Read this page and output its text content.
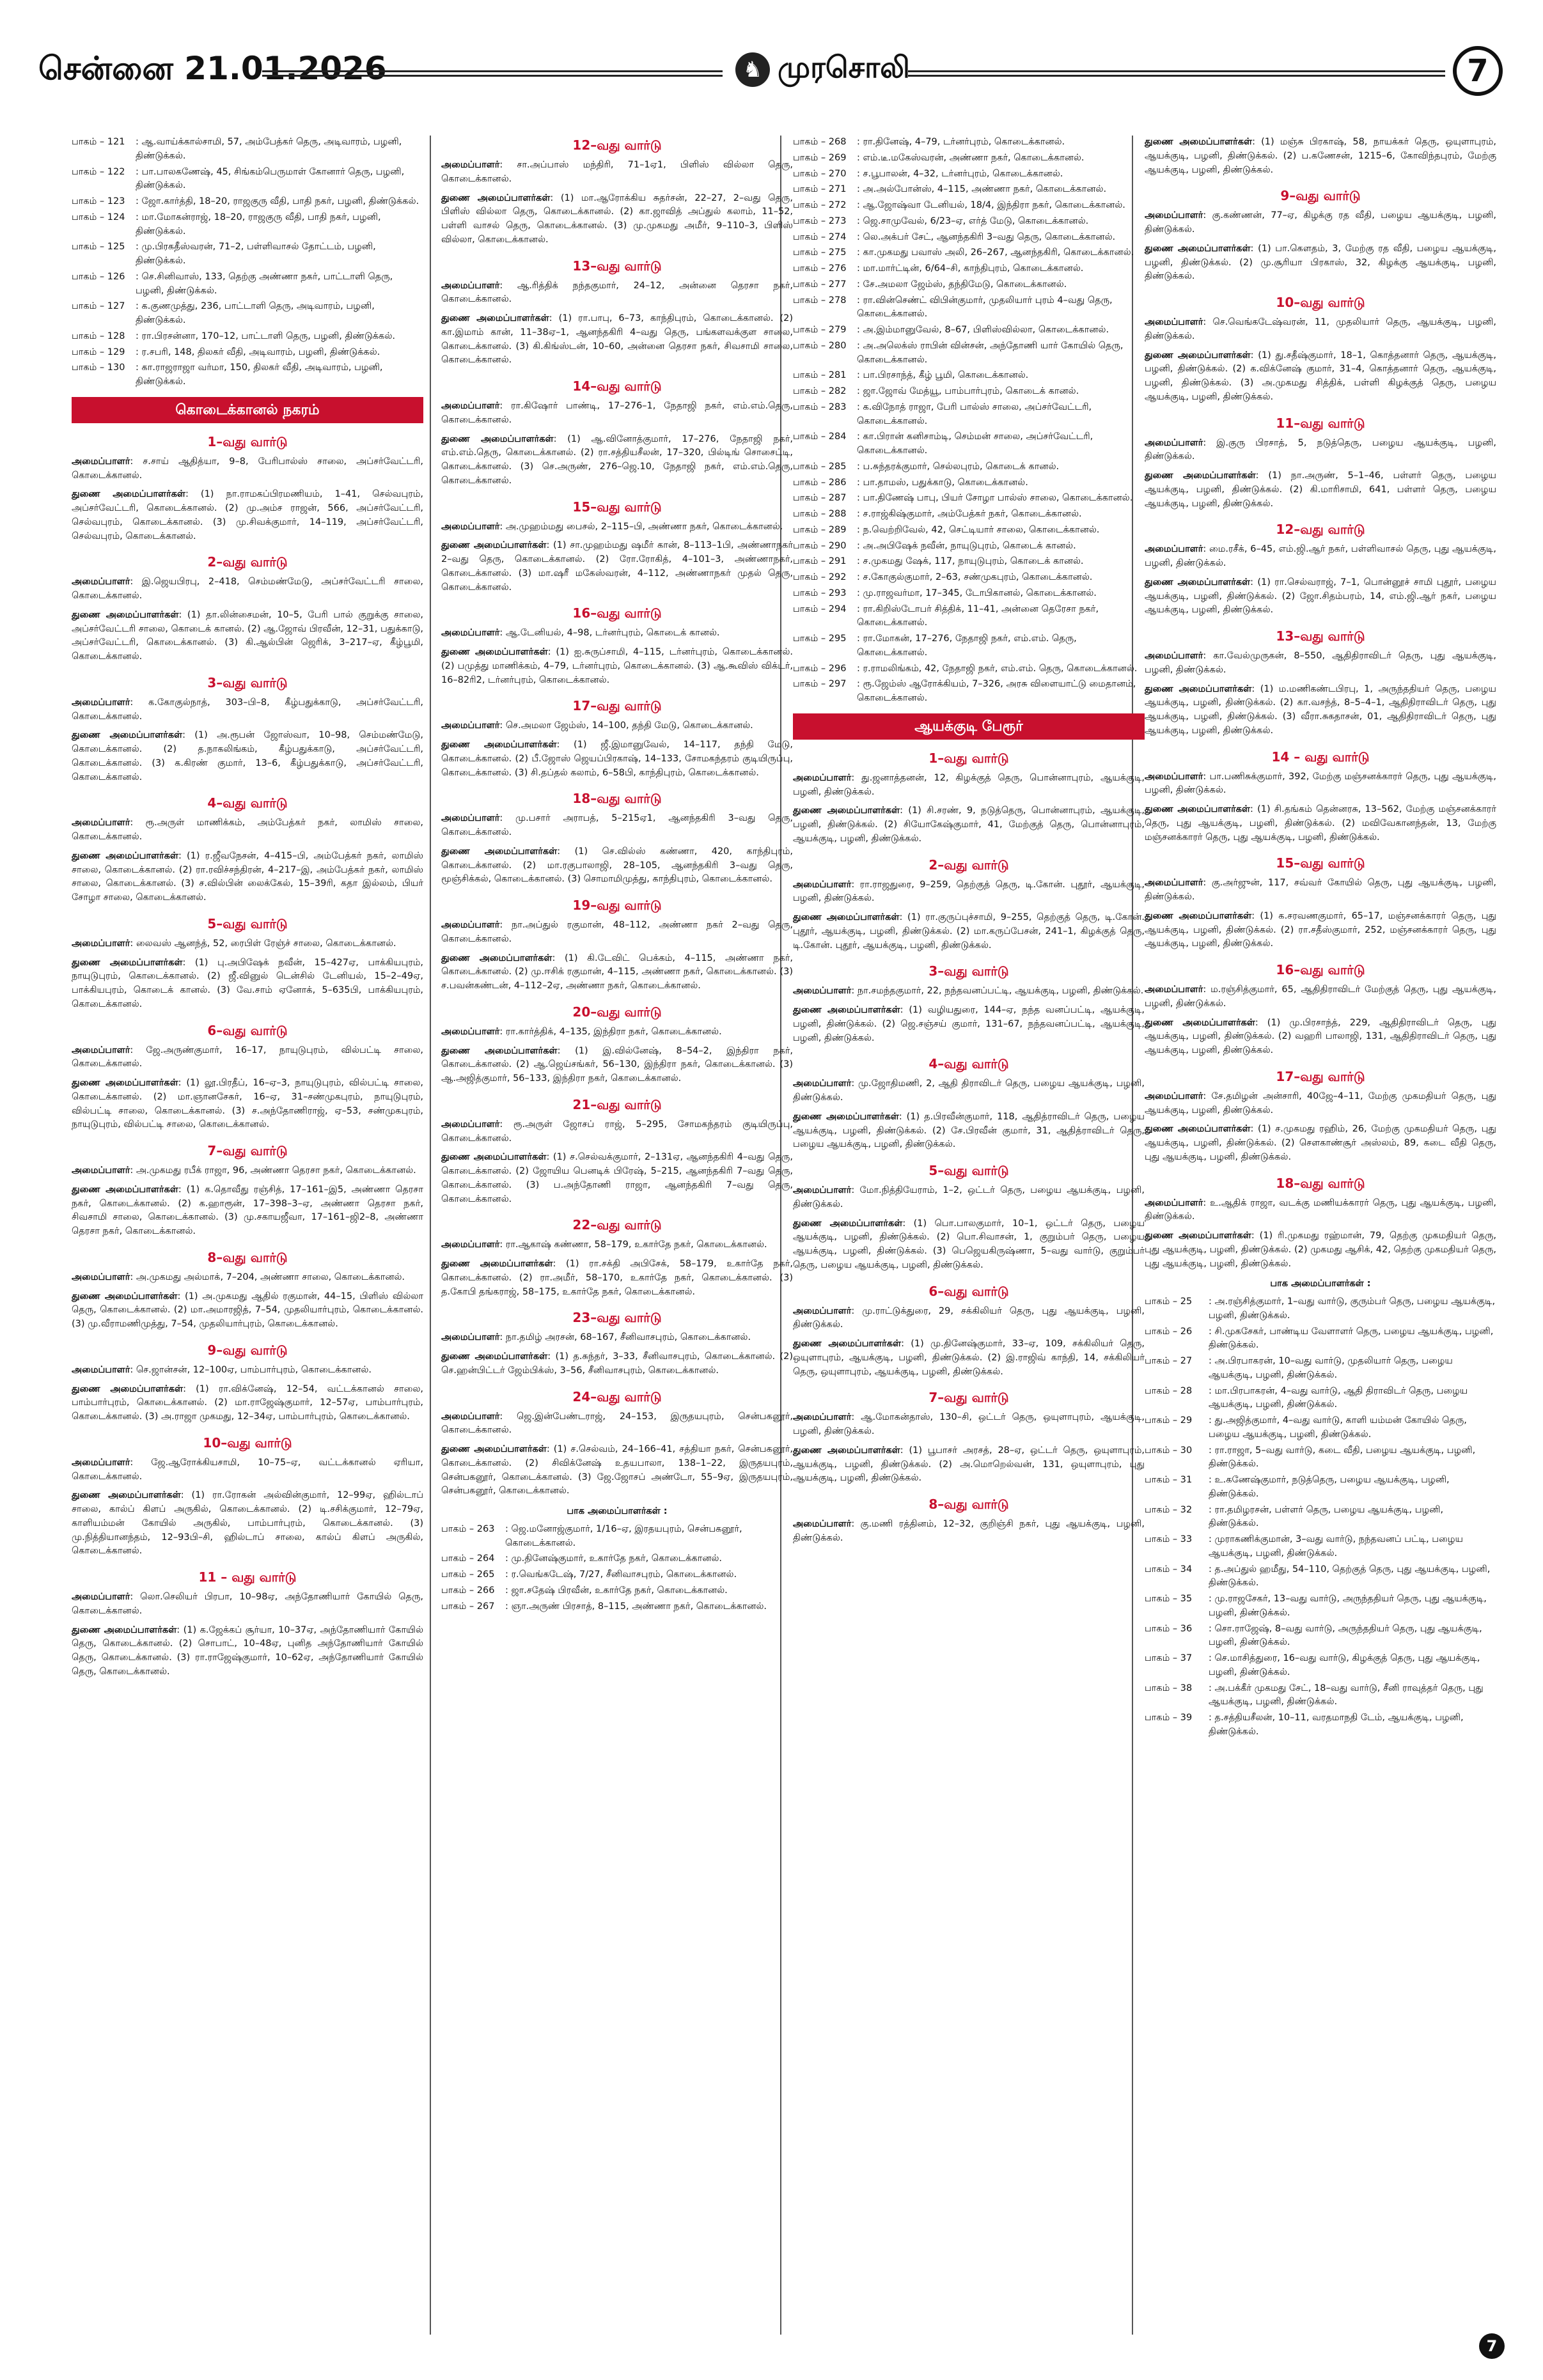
சென்னை 21.01.2026	♞ முரசொலி	7
பாகம் – 121	: ஆ.வாய்க்கால்சாமி, 57, அம்பேத்கர் தெரு, அடிவாரம், பழனி, திண்டுக்கல்.
பாகம் – 122	: பா.பாலகணேஷ், 45, சிங்கம்பெருமாள் கோனார் தெரு, பழனி, திண்டுக்கல்.
பாகம் – 123	: ஜோ.கார்த்தி, 18–20, ராஜகுரு வீதி, பாதி நகர், பழனி, திண்டுக்கல்.
பாகம் – 124	: மா.மோகன்ராஜ், 18–20, ராஜகுரு வீதி, பாதி நகர், பழனி, திண்டுக்கல்.
பாகம் – 125	: மு.பிரகதீஸ்வரன், 71–2, பள்ளிவாசல் தோட்டம், பழனி, திண்டுக்கல்.
பாகம் – 126	: செ.சினிவாஸ், 133, தெற்கு அண்ணா நகர், பாட்டாளி தெரு, பழனி, திண்டுக்கல்.
பாகம் – 127	: க.குணமுத்து, 236, பாட்டாளி தெரு, அடிவாரம், பழனி, திண்டுக்கல்.
பாகம் – 128	: ரா.பிரசன்னா, 170–12, பாட்டாளி தெரு, பழனி, திண்டுக்கல்.
பாகம் – 129	: ர.சபரி, 148, திலகர் வீதி, அடிவாரம், பழனி, திண்டுக்கல்.
பாகம் – 130	: கா.ராஜராஜா வர்மா, 150, திலகர் வீதி, அடிவாரம், பழனி, திண்டுக்கல்.
கொடைக்கானல் நகரம்
1–வது வார்டு

அமைப்பாளர்: ச.சாய் ஆதித்யா, 9–8, பேரிபால்ஸ் சாலை, அப்சர்வேட்டரி, கொடைக்கானல்.

துணை அமைப்பாளர்கள்: (1) நா.ராமகப்பிரமணியம், 1–41, செல்வபுரம், அப்சர்வேட்டரி, கொடைக்கானல். (2) மு.அம்ச ராஜன், 566, அப்சர்வேட்டரி, செல்வபுரம், கொடைக்கானல். (3) மு.சிவக்குமார், 14–119, அப்சர்வேட்டரி, செல்வபுரம், கொடைக்கானல்.

2–வது வார்டு

அமைப்பாளர்: இ.ஜெயபிரபு, 2–418, செம்மண்மேடு, அப்சர்வேட்டரி சாலை, கொடைக்கானல்.

துணை அமைப்பாளர்கள்: (1) தா.லின்சைமன், 10–5, பேரி பால் குறுக்கு சாலை, அப்சர்வேட்டரி சாலை, கொடைக் கானல். (2) ஆ.ஜோவ் பிரவீன், 12–31, பதுக்காடு, அப்சர்வேட்டரி, கொடைக்கானல். (3) கி.ஆல்பின் ஜெரிக், 3–217–ஏ, கீழ்பூமி, கொடைக்கானல்.

3–வது வார்டு

அமைப்பாளர்: க.கோகுல்நாத், 303–பி–8, கீழ்பதுக்காடு, அப்சர்வேட்டரி, கொடைக்கானல்.

துணை அமைப்பாளர்கள்: (1) அ.ரூபன் ஜோஸ்வா, 10–98, செம்மண்மேடு, கொடைக்கானல். (2) த.நாகலிங்கம், கீழ்பதுக்காடு, அப்சர்வேட்டரி, கொடைக்கானல். (3) க.கிரண் குமார், 13–6, கீழ்பதுக்காடு, அப்சர்வேட்டரி, கொடைக்கானல்.

4–வது வார்டு

அமைப்பாளர்: ரூ.அருள் மாணிக்கம், அம்பேத்கர் நகர், லாமிஸ் சாலை, கொடைக்கானல்.

துணை அமைப்பாளர்கள்: (1) ர.ஜீவநேசன், 4–415–பி, அம்பேத்கர் நகர், லாமிஸ் சாலை, கொடைக்கானல். (2) ரா.ரவிச்சந்திரன், 4–217–இ, அம்பேத்கர் நகர், லாமிஸ் சாலை, கொடைக்கானல். (3) ச.வில்பின் லைக்கேல், 15–39ரி, கதா இல்லம், பியர் சோழா சாலை, கொடைக்கானல்.

5–வது வார்டு

அமைப்பாளர்: லைவஸ் ஆனந்த், 52, ரைபிள் ரேஞ்ச் சாலை, கொடைக்கானல்.

துணை அமைப்பாளர்கள்: (1) பு.அபிஷேக் நவீன், 15–427ஏ, பாக்கியபுரம், நாயுடுபுரம், கொடைக்கானல். (2) ஜீ.வினுல் டென்சில் டேனியல், 15–2–49ஏ, பாக்கியபுரம், கொடைக் கானல். (3) வே.சாம் ஏனோக், 5–635பி, பாக்கியபுரம், கொடைக்கானல்.

6–வது வார்டு

அமைப்பாளர்: ஜே.அருண்குமார், 16–17, நாயுடுபுரம், வில்பட்டி சாலை, கொடைக்கானல்.

துணை அமைப்பாளர்கள்: (1) லூ.பிரதீப், 16–ஏ–3, நாயுடுபுரம், வில்பட்டி சாலை, கொடைக்கானல். (2) மா.ஞானசேகர், 16–ஏ, 31–சண்முகபுரம், நாயுடுபுரம், வில்பட்டி சாலை, கொடைக்கானல். (3) ச.அந்தோணிராஜ், ஏ–53, சண்முகபுரம், நாயுடுபுரம், வில்பட்டி சாலை, கொடைக்கானல்.

7–வது வார்டு

அமைப்பாளர்: அ.முகமது ரபீக் ராஜா, 96, அண்ணா தெரசா நகர், கொடைக்கானல்.

துணை அமைப்பாளர்கள்: (1) க.தொவீது ரஞ்சித், 17–161–இ5, அண்ணா தெரசா நகர், கொடைக்கானல். (2) க.ஹாரூன், 17–398–3–ஏ, அண்ணா தெரசா நகர், சிவசாமி சாலை, கொடைக்கானல். (3) மு.சகாயஜீவா, 17–161–ஜி2–8, அண்ணா தெரசா நகர், கொடைக்கானல்.

8–வது வார்டு

அமைப்பாளர்: அ.முகமது அல்மாக், 7–204, அண்ணா சாலை, கொடைக்கானல்.

துணை அமைப்பாளர்கள்: (1) அ.முகமது ஆதில் ரகுமான், 44–15, பிளிஸ் வில்லா தெரு, கொடைக்கானல். (2) மா.அமாரஜித், 7–54, முதலியார்புரம், கொடைக்கானல். (3) மு.வீராமணிமுத்து, 7–54, முதலியார்புரம், கொடைக்கானல்.

9–வது வார்டு

அமைப்பாளர்: செ.ஜான்சன், 12–100ஏ, பாம்பார்புரம், கொடைக்கானல்.

துணை அமைப்பாளர்கள்: (1) ரா.விக்னேஷ், 12–54, வட்டக்கானல் சாலை, பாம்பார்புரம், கொடைக்கானல். (2) மா.ராஜேஷ்குமார், 12–57ஏ, பாம்பார்புரம், கொடைக்கானல். (3) அ.ராஜா முகமது, 12–34ஏ, பாம்பார்புரம், கொடைக்கானல்.

10–வது வார்டு

அமைப்பாளர்: ஜே.ஆரோக்கியசாமி, 10–75–ஏ, வட்டக்கானல் ஏரியா, கொடைக்கானல்.

துணை அமைப்பாளர்கள்: (1) ரா.ரோகன் அல்வின்குமார், 12–99ஏ, ஹில்டாப் சாலை, கால்ப் கிளப் அருகில், கொடைக்கானல். (2) டி.சசிக்குமார், 12–79ஏ, காளியம்மன் கோயில் அருகில், பாம்பார்புரம், கொடைக்கானல். (3) மு.நித்தியானந்தம், 12–93பி–சி, ஹில்டாப் சாலை, கால்ப் கிளப் அருகில், கொடைக்கானல்.

11 – வது வார்டு

அமைப்பாளர்: லொ.செலியர் பிரபா, 10–98ஏ, அந்தோணியார் கோயில் தெரு, கொடைக்கானல்.

துணை அமைப்பாளர்கள்: (1) க.ஜேக்கப் சூர்யா, 10–37ஏ, அந்தோணியார் கோயில் தெரு, கொடைக்கானல். (2) சொபாட், 10–48ஏ, புனித அந்தோணியார் கோயில் தெரு, கொடைக்கானல். (3) ரா.ராஜேஷ்குமார், 10–62ஏ, அந்தோணியார் கோயில் தெரு, கொடைக்கானல்.

12–வது வார்டு

அமைப்பாளர்: சா.அப்பாஸ் மந்திரி, 71–1ஏ1, பிளிஸ் வில்லா தெரு, கொடைக்கானல்.

துணை அமைப்பாளர்கள்: (1) மா.ஆரோக்கிய சுதர்சன், 22–27, 2–வது தெரு, பிளிஸ் வில்லா தெரு, கொடைக்கானல். (2) கா.ஜாவித் அப்துல் கலாம், 11–52, பள்ளி வாசல் தெரு, கொடைக்கானல். (3) மு.முகமது அமீர், 9–110–3, பிளிஸ் வில்லா, கொடைக்கானல்.

13–வது வார்டு

அமைப்பாளர்: ஆ.ரித்திக் நந்தகுமார், 24–12, அன்னை தெரசா நகர், கொடைக்கானல்.

துணை அமைப்பாளர்கள்: (1) ரா.பாபு, 6–73, காந்திபுரம், கொடைக்கானல். (2) கா.இமாம் கான், 11–38ஏ–1, ஆனந்தகிரி 4–வது தெரு, பங்களவக்குள சாலை, கொடைக்கானல். (3) கி.கிங்ஸ்டன், 10–60, அன்னை தெரசா நகர், சிவசாமி சாலை, கொடைக்கானல்.

14–வது வார்டு

அமைப்பாளர்: ரா.கிஷோர் பாண்டி, 17–276–1, நேதாஜி நகர், எம்.எம்.தெரு, கொடைக்கானல்.

துணை அமைப்பாளர்கள்: (1) ஆ.வினோத்குமார், 17–276, நேதாஜி நகர், எம்.எம்.தெரு, கொடைக்கானல். (2) ரா.சத்தியசீலன், 17–320, பில்டிங் சொசைட்டி, கொடைக்கானல். (3) செ.அருண், 276–ஜெ.10, நேதாஜி நகர், எம்.எம்.தெரு, கொடைக்கானல்.

15–வது வார்டு

அமைப்பாளர்: அ.முஹம்மது பைசல், 2–115–பி, அண்ணா நகர், கொடைக்கானல்.

துணை அமைப்பாளர்கள்: (1) சா.முஹம்மது ஷமீர் கான், 8–113–1பி, அண்ணாநகர் 2–வது தெரு, கொடைக்கானல். (2) ரோ.ரோகித், 4–101–3, அண்ணாநகர், கொடைக்கானல். (3) மா.ஷரீ மகேஸ்வரன், 4–112, அண்ணாநகர் முதல் தெரு, கொடைக்கானல்.

16–வது வார்டு

அமைப்பாளர்: ஆ.டேனியல், 4–98, டர்னர்புரம், கொடைக் கானல்.

துணை அமைப்பாளர்கள்: (1) ஐ.சுருப்சாமி, 4–115, டர்னர்புரம், கொடைக்கானல். (2) பமுத்து மாணிக்கம், 4–79, டர்னர்புரம், கொடைக்கானல். (3) ஆ.கூவிஸ் விக்டர், 16–82ரி2, டர்னர்புரம், கொடைக்கானல்.

17–வது வார்டு

அமைப்பாளர்: செ.அமலா ஜேம்ஸ், 14–100, தந்தி மேடு, கொடைக்கானல்.

துணை அமைப்பாளர்கள்: (1) ஜீ.இமானுவேல், 14–117, தந்தி மேடு, கொடைக்கானல். (2) பீ.ஜோஸ் ஜெயப்பிரகாஷ், 14–133, சோமகந்தரம் குடியிருப்பு, கொடைக்கானல். (3) சி.தப்தல் கலாம், 6–58பி, காந்திபுரம், கொடைக்கானல்.

18–வது வார்டு

அமைப்பாளர்: மு.பசார் அராபத், 5–215ஏ1, ஆனந்தகிரி 3–வது தெரு, கொடைக்கானல்.

துணை அமைப்பாளர்கள்: (1) செ.வில்ஸ் கண்ணா, 420, காந்திபுரம், கொடைக்கானல். (2) மா.ரகுபாலாஜி, 28–105, ஆனந்தகிரி 3–வது தெரு, மூஞ்சிக்கல், கொடைக்கானல். (3) சொமாமிமுத்து, காந்திபுரம், கொடைக்கானல்.

19–வது வார்டு

அமைப்பாளர்: நா.அப்துல் ரகுமான், 48–112, அண்ணா நகர் 2–வது தெரு, கொடைக்கானல்.

துணை அமைப்பாளர்கள்: (1) கி.டேவிட் பெக்கம், 4–115, அண்ணா நகர், கொடைக்கானல். (2) மு.ஈசிக் ரகுமான், 4–115, அண்ணா நகர், கொடைக்கானல். (3) ச.பவன்கண்டன், 4–112–2ஏ, அண்ணா நகர், கொடைக்கானல்.

20–வது வார்டு

அமைப்பாளர்: ரா.கார்த்திக், 4–135, இந்திரா நகர், கொடைக்கானல்.

துணை அமைப்பாளர்கள்: (1) இ.வில்னேஷ், 8–54–2, இந்திரா நகர், கொடைக்கானல். (2) ஆ.ஜெய்சங்கர், 56–130, இந்திரா நகர், கொடைக்கானல். (3) ஆ.அஜித்குமார், 56–133, இந்திரா நகர், கொடைக்கானல்.

21–வது வார்டு

அமைப்பாளர்: ரூ.அருள் ஜோசப் ராஜ், 5–295, சோமகந்தரம் குடியிருப்பு, கொடைக்கானல்.

துணை அமைப்பாளர்கள்: (1) ச.செல்வக்குமார், 2–131ஏ, ஆனந்தகிரி 4–வது தெரு, கொடைக்கானல். (2) ஜோயிய பெனடிக் பிரேஷ், 5–215, ஆனந்தகிரி 7–வது தெரு, கொடைக்கானல். (3) ப.அந்தோணி ராஜா, ஆனந்தகிரி 7–வது தெரு, கொடைக்கானல்.

22–வது வார்டு

அமைப்பாளர்: ரா.ஆகாஷ் கண்ணா, 58–179, உகார்தே நகர், கொடைக்கானல்.

துணை அமைப்பாளர்கள்: (1) ரா.சக்தி அபிசேக், 58–179, உகார்தே நகர், கொடைக்கானல். (2) ரா.அமீர், 58–170, உகார்தே நகர், கொடைக்கானல். (3) த.கோபி தங்கராஜ், 58–175, உகார்தே நகர், கொடைக்கானல்.

23–வது வார்டு

அமைப்பாளர்: நா.தமிழ் அரசன், 68–167, சீனிவாசபுரம், கொடைக்கானல்.

துணை அமைப்பாளர்கள்: (1) த.சுந்தர், 3–33, சீனிவாசபுரம், கொடைக்கானல். (2) செ.ஹன்பிட்டர் ஜேம்பிக்ஸ், 3–56, சீனிவாசபுரம், கொடைக்கானல்.

24–வது வார்டு

அமைப்பாளர்: ஜெ.இன்பேண்டராஜ், 24–153, இருதயபுரம், சென்பகனூர், கொடைக்கானல்.

துணை அமைப்பாளர்கள்: (1) ச.செல்வம், 24–166–41, சத்தியா நகர், சென்பகனூர், கொடைக்கானல். (2) சிவிக்னேஷ் உதயபாலா, 138–1–22, இருதயபுரம், சென்பகனூர், கொடைக்கானல். (3) ஜே.ஜோசப் அண்டோ, 55–9ஏ, இருதயபுரம், சென்பகனூர், கொடைக்கானல்.

பாக அமைப்பாளர்கள் :
பாகம் – 263	: ஜெ.மனோஜ்குமார், 1/16–ஏ, இரதயபுரம், சென்பகனூர், கொடைக்கானல்.
பாகம் – 264	: மு.தினேஷ்குமார், உகார்தே நகர், கொடைக்கானல்.
பாகம் – 265	: ர.வெங்கடேஷ், 7/27, சீனிவாசபுரம், கொடைக்கானல்.
பாகம் – 266	: ஜா.சதேஷ் பிரவீன், உகார்தே நகர், கொடைக்கானல்.
பாகம் – 267	: ஞா.அருண் பிரசாத், 8–115, அண்ணா நகர், கொடைக்கானல்.
பாகம் – 268	: ரா.தினேஷ், 4–79, டர்னர்புரம், கொடைக்கானல்.
பாகம் – 269	: எம்.டீ.மகேஸ்வரன், அண்ணா நகர், கொடைக்கானல்.
பாகம் – 270	: ச.பூபாலன், 4–32, டர்னர்புரம், கொடைக்கானல்.
பாகம் – 271	: அ.அல்போன்ஸ், 4–115, அண்ணா நகர், கொடைக்கானல்.
பாகம் – 272	: ஆ.ஜோஷ்வா டேனியல், 18/4, இந்திரா நகர், கொடைக்கானல்.
பாகம் – 273	: ஜெ.சாமுவேல், 6/23–ஏ, எர்த் மேடு, கொடைக்கானல்.
பாகம் – 274	: லெ.அக்பர் சேட், ஆனந்தகிரி 3–வது தெரு, கொடைக்கானல்.
பாகம் – 275	: கா.முகமது பவாஸ் அலி, 26–267, ஆனந்தகிரி, கொடைக்கானல்.
பாகம் – 276	: மா.மார்ட்டின், 6/64–சி, காந்திபுரம், கொடைக்கானல்.
பாகம் – 277	: சே.அமலா ஜேம்ஸ், தந்திமேடு, கொடைக்கானல்.
பாகம் – 278	: ரா.வின்செண்ட் விபின்குமார், முதலியார் புரம் 4–வது தெரு, கொடைக்கானல்.
பாகம் – 279	: அ.இம்மானுவேல், 8–67, பிளிஸ்வில்லா, கொடைக்கானல்.
பாகம் – 280	: அ.அலெக்ஸ் ராபின் வின்சன், அந்தோணி யார் கோயில் தெரு, கொடைக்கானல்.
பாகம் – 281	: பா.பிரசாந்த், கீழ் பூமி, கொடைக்கானல்.
பாகம் – 282	: ஜா.ஜோவ் மேத்யூ, பாம்பார்புரம், கொடைக் கானல்.
பாகம் – 283	: க.விநோத் ராஜா, பேரி பால்ஸ் சாலை, அப்சர்வேட்டரி, கொடைக்கானல்.
பாகம் – 284	: கா.பிரான் கனிசாம்டி, செம்மன் சாலை, அப்சர்வேட்டரி, கொடைக்கானல்.
பாகம் – 285	: ப.சுந்தரக்குமார், செல்லபுரம், கொடைக் கானல்.
பாகம் – 286	: பா.தாமஸ், பதுக்காடு, கொடைக்கானல்.
பாகம் – 287	: பா.திணேஷ் பாபு, பியர் சோழா பால்ஸ் சாலை, கொடைக்கானல்.
பாகம் – 288	: ச.ராஜ்கிஷ்குமார், அம்பேத்கர் நகர், கொடைக்கானல்.
பாகம் – 289	: ந.வெற்றிவேல், 42, செட்டியார் சாலை, கொடைக்கானல்.
பாகம் – 290	: அ.அபிஷேக் நவீன், நாயுடுபுரம், கொடைக் கானல்.
பாகம் – 291	: ச.முகமது ஷேக், 117, நாயுடுபுரம், கொடைக் கானல்.
பாகம் – 292	: ச.கோகுல்குமார், 2–63, சண்முகபுரம், கொடைக்கானல்.
பாகம் – 293	: மு.ராஜவர்மா, 17–345, டோபிகானல், கொடைக்கானல்.
பாகம் – 294	: ரா.கிறிஸ்டோபர் சித்திக், 11–41, அன்னை தெரேசா நகர், கொடைக்கானல்.
பாகம் – 295	: ரா.மோகன், 17–276, நேதாஜி நகர், எம்.எம். தெரு, கொடைக்கானல்.
பாகம் – 296	: ர.ராமலிங்கம், 42, நேதாஜி நகர், எம்.எம். தெரு, கொடைக்கானல்.
பாகம் – 297	: ரூ.ஜேம்ஸ் ஆரோக்கியம், 7–326, அரசு விளையாட்டு மைதானம், கொடைக்கானல்.
ஆயக்குடி பேரூர்
1–வது வார்டு

அமைப்பாளர்: து.ஜனாத்தனன், 12, கிழக்குத் தெரு, பொன்னாபுரம், ஆயக்குடி, பழனி, திண்டுக்கல்.

துணை அமைப்பாளர்கள்: (1) சி.சரண், 9, நடுத்தெரு, பொன்னாபுரம், ஆயக்குடி, பழனி, திண்டுக்கல். (2) சியோகேஷ்குமார், 41, மேற்குத் தெரு, பொன்னாபுரம், ஆயக்குடி, பழனி, திண்டுக்கல்.

2–வது வார்டு

அமைப்பாளர்: ரா.ராஜதுரை, 9–259, தெற்குத் தெரு, டி.கோன். புதூர், ஆயக்குடி, பழனி, திண்டுக்கல்.

துணை அமைப்பாளர்கள்: (1) ரா.குருப்புச்சாமி, 9–255, தெற்குத் தெரு, டி.கோன். புதூர், ஆயக்குடி, பழனி, திண்டுக்கல். (2) மா.கருப்பேசன், 241–1, கிழக்குத் தெரு, டி.கோன். புதூர், ஆயக்குடி, பழனி, திண்டுக்கல்.

3–வது வார்டு

அமைப்பாளர்: நா.சமந்தகுமார், 22, நந்தவனப்பட்டி, ஆயக்குடி, பழனி, திண்டுக்கல்.

துணை அமைப்பாளர்கள்: (1) வழியதுரை, 144–ஏ, நந்த வனப்பட்டி, ஆயக்குடி, பழனி, திண்டுக்கல். (2) ஜெ.சஞ்சய் குமார், 131–67, நந்தவனப்பட்டி, ஆயக்குடி, பழனி, திண்டுக்கல்.

4–வது வார்டு

அமைப்பாளர்: மு.ஜோதிமணி, 2, ஆதி திராவிடர் தெரு, பழைய ஆயக்குடி, பழனி, திண்டுக்கல்.

துணை அமைப்பாளர்கள்: (1) த.பிரவீன்குமார், 118, ஆதித்ராவிடர் தெரு, பழைய ஆயக்குடி, பழனி, திண்டுக்கல். (2) சே.பிரவீன் குமார், 31, ஆதித்ராவிடர் தெரு, பழைய ஆயக்குடி, பழனி, திண்டுக்கல்.

5–வது வார்டு

அமைப்பாளர்: மோ.நித்தியேராம், 1–2, ஒட்டர் தெரு, பழைய ஆயக்குடி, பழனி, திண்டுக்கல்.

துணை அமைப்பாளர்கள்: (1) பொ.பாலகுமார், 10–1, ஒட்டர் தெரு, பழைய ஆயக்குடி, பழனி, திண்டுக்கல். (2) பொ.சிவாசன், 1, குறும்பர் தெரு, பழைய ஆயக்குடி, பழனி, திண்டுக்கல். (3) பெஜெயகிருஷ்ணா, 5–வது வார்டு, குறும்பர் தெரு, பழைய ஆயக்குடி, பழனி, திண்டுக்கல்.

6–வது வார்டு

அமைப்பாளர்: மு.ராட்டுக்துரை, 29, சக்கிலியர் தெரு, புது ஆயக்குடி, பழனி, திண்டுக்கல்.

துணை அமைப்பாளர்கள்: (1) மு.தினேஷ்குமார், 33–ஏ, 109, சக்கிலியர் தெரு, ஒயுளாபுரம், ஆயக்குடி, பழனி, திண்டுக்கல். (2) இ.ராஜிவ் காந்தி, 14, சக்கிலியர் தெரு, ஒயுளாபுரம், ஆயக்குடி, பழனி, திண்டுக்கல்.

7–வது வார்டு

அமைப்பாளர்: ஆ.மோகன்தாஸ், 130–சி, ஒட்டர் தெரு, ஒயுளாபுரம், ஆயக்குடி, பழனி, திண்டுக்கல்.

துணை அமைப்பாளர்கள்: (1) பூபாசர் அரசத், 28–ஏ, ஒட்டர் தெரு, ஒயுளாபுரம், ஆயக்குடி, பழனி, திண்டுக்கல். (2) அ.மொறெல்வன், 131, ஒயுளாபுரம், புது ஆயக்குடி, பழனி, திண்டுக்கல்.

8–வது வார்டு

அமைப்பாளர்: கு.மணி ரத்தினம், 12–32, குறிஞ்சி நகர், புது ஆயக்குடி, பழனி, திண்டுக்கல்.

துணை அமைப்பாளர்கள்: (1) மஞ்சு பிரகாஷ், 58, நாயக்கர் தெரு, ஒயுளாபுரம், ஆயக்குடி, பழனி, திண்டுக்கல். (2) ப.கணேசன், 1215–6, கோவிந்தபுரம், மேற்கு ஆயக்குடி, பழனி, திண்டுக்கல்.

9–வது வார்டு

அமைப்பாளர்: கு.கண்ணன், 77–ஏ, கிழக்கு ரத வீதி, பழைய ஆயக்குடி, பழனி, திண்டுக்கல்.

துணை அமைப்பாளர்கள்: (1) பா.கௌதம், 3, மேற்கு ரத வீதி, பழைய ஆயக்குடி, பழனி, திண்டுக்கல். (2) மு.சூரியா பிரகாஸ், 32, கிழக்கு ஆயக்குடி, பழனி, திண்டுக்கல்.

10–வது வார்டு

அமைப்பாளர்: செ.வெங்கடேஷ்வரன், 11, முதலியார் தெரு, ஆயக்குடி, பழனி, திண்டுக்கல்.

துணை அமைப்பாளர்கள்: (1) து.சதீஷ்குமார், 18–1, கொத்தனார் தெரு, ஆயக்குடி, பழனி, திண்டுக்கல். (2) க.விக்னேஷ் குமார், 31–4, கொத்தனார் தெரு, ஆயக்குடி, பழனி, திண்டுக்கல். (3) அ.முகமது சித்திக், பள்ளி கிழக்குத் தெரு, பழைய ஆயக்குடி, பழனி, திண்டுக்கல்.

11–வது வார்டு

அமைப்பாளர்: இ.குரு பிரசாத், 5, நடுத்தெரு, பழைய ஆயக்குடி, பழனி, திண்டுக்கல்.

துணை அமைப்பாளர்கள்: (1) நா.அருண், 5–1–46, பள்ளர் தெரு, பழைய ஆயக்குடி, பழனி, திண்டுக்கல். (2) கி.மாரிசாமி, 641, பள்ளர் தெரு, பழைய ஆயக்குடி, பழனி, திண்டுக்கல்.

12–வது வார்டு

அமைப்பாளர்: மை.ரசீக், 6–45, எம்.ஜி.ஆர் நகர், பள்ளிவாசல் தெரு, புது ஆயக்குடி, பழனி, திண்டுக்கல்.

துணை அமைப்பாளர்கள்: (1) ரா.செல்வராஜ், 7–1, பொன்னூச் சாமி புதூர், பழைய ஆயக்குடி, பழனி, திண்டுக்கல். (2) ஜோ.சிதம்பரம், 14, எம்.ஜி.ஆர் நகர், பழைய ஆயக்குடி, பழனி, திண்டுக்கல்.

13–வது வார்டு

அமைப்பாளர்: கா.வேல்முருகன், 8–550, ஆதிதிராவிடர் தெரு, புது ஆயக்குடி, பழனி, திண்டுக்கல்.

துணை அமைப்பாளர்கள்: (1) ம.மணிகண்டபிரபு, 1, அருந்ததியர் தெரு, பழைய ஆயக்குடி, பழனி, திண்டுக்கல். (2) கா.வசந்த், 8–5–4–1, ஆதிதிராவிடர் தெரு, புது ஆயக்குடி, பழனி, திண்டுக்கல். (3) வீரா.சுகதாசன், 01, ஆதிதிராவிடர் தெரு, புது ஆயக்குடி, பழனி, திண்டுக்கல்.

14 – வது வார்டு

அமைப்பாளர்: பா.பணிசுக்குமார், 392, மேற்கு மஞ்சனக்காரர் தெரு, புது ஆயக்குடி, பழனி, திண்டுக்கல்.

துணை அமைப்பாளர்கள்: (1) சி.தங்கம் தென்னரசு, 13–562, மேற்கு மஞ்சனக்காரர் தெரு, புது ஆயக்குடி, பழனி, திண்டுக்கல். (2) மவிவேகானந்தன், 13, மேற்கு மஞ்சனக்காரர் தெரு, புது ஆயக்குடி, பழனி, திண்டுக்கல்.

15–வது வார்டு

அமைப்பாளர்: கு.அர்ஜுன், 117, சவ்வர் கோயில் தெரு, புது ஆயக்குடி, பழனி, திண்டுக்கல்.

துணை அமைப்பாளர்கள்: (1) க.சரவணகுமார், 65–17, மஞ்சனக்காரர் தெரு, புது ஆயக்குடி, பழனி, திண்டுக்கல். (2) ரா.சதீஸ்குமார், 252, மஞ்சனக்காரர் தெரு, புது ஆயக்குடி, பழனி, திண்டுக்கல்.

16–வது வார்டு

அமைப்பாளர்: ம.ரஞ்சித்குமார், 65, ஆதிதிராவிடர் மேற்குத் தெரு, புது ஆயக்குடி, பழனி, திண்டுக்கல்.

துணை அமைப்பாளர்கள்: (1) மு.பிரசாந்த், 229, ஆதிதிராவிடர் தெரு, புது ஆயக்குடி, பழனி, திண்டுக்கல். (2) வஹரி பாலாஜி, 131, ஆதிதிராவிடர் தெரு, புது ஆயக்குடி, பழனி, திண்டுக்கல்.

17–வது வார்டு

அமைப்பாளர்: சே.தமிழன் அன்சாரி, 40ஜே–4–11, மேற்கு முகமதியர் தெரு, புது ஆயக்குடி, பழனி, திண்டுக்கல்.

துணை அமைப்பாளர்கள்: (1) ச.முகமது ரஹிம், 26, மேற்கு முகமதியர் தெரு, புது ஆயக்குடி, பழனி, திண்டுக்கல். (2) சௌகாண்சூர் அஸ்லம், 89, கடை வீதி தெரு, புது ஆயக்குடி, பழனி, திண்டுக்கல்.

18–வது வார்டு

அமைப்பாளர்: உ.ஆதிக் ராஜா, வடக்கு மணியக்காரர் தெரு, புது ஆயக்குடி, பழனி, திண்டுக்கல்.

துணை அமைப்பாளர்கள்: (1) ரி.முகமது ரஹ்மான், 79, தெற்கு முகமதியர் தெரு, புது ஆயக்குடி, பழனி, திண்டுக்கல். (2) முகமது ஆசிக், 42, தெற்கு முகமதியர் தெரு, புது ஆயக்குடி, பழனி, திண்டுக்கல்.

பாக அமைப்பாளர்கள் :
பாகம் – 25	: அ.ரஞ்சித்குமார், 1–வது வார்டு, குரும்பர் தெரு, பழைய ஆயக்குடி, பழனி, திண்டுக்கல்.
பாகம் – 26	: சி.முகசேகர், பாண்டிய வேளாளர் தெரு, பழைய ஆயக்குடி, பழனி, திண்டுக்கல்.
பாகம் – 27	: அ.பிரபாகரன், 10–வது வார்டு, முதலியார் தெரு, பழைய ஆயக்குடி, பழனி, திண்டுக்கல்.
பாகம் – 28	: மா.பிரபாகரன், 4–வது வார்டு, ஆதி திராவிடர் தெரு, பழைய ஆயக்குடி, பழனி, திண்டுக்கல்.
பாகம் – 29	: து.அஜித்குமார், 4–வது வார்டு, காளி யம்மன் கோயில் தெரு, பழைய ஆயக்குடி, பழனி, திண்டுக்கல்.
பாகம் – 30	: ரா.ராஜா, 5–வது வார்டு, கடை வீதி, பழைய ஆயக்குடி, பழனி, திண்டுக்கல்.
பாகம் – 31	: உ.கணேஷ்குமார், நடுத்தெரு, பழைய ஆயக்குடி, பழனி, திண்டுக்கல்.
பாகம் – 32	: ரா.தமிழரசன், பள்ளர் தெரு, பழைய ஆயக்குடி, பழனி, திண்டுக்கல்.
பாகம் – 33	: முராகணிக்குமான், 3–வது வார்டு, நந்தவனப் பட்டி, பழைய ஆயக்குடி, பழனி, திண்டுக்கல்.
பாகம் – 34	: த.அப்துல் ஹமீது, 54–110, தெற்குத் தெரு, புது ஆயக்குடி, பழனி, திண்டுக்கல்.
பாகம் – 35	: மு.ராஜசேகர், 13–வது வார்டு, அருந்ததியர் தெரு, புது ஆயக்குடி, பழனி, திண்டுக்கல்.
பாகம் – 36	: சொ.ராஜேஷ், 8–வது வார்டு, அருந்ததியர் தெரு, புது ஆயக்குடி, பழனி, திண்டுக்கல்.
பாகம் – 37	: செ.மாசித்துரை, 16–வது வார்டு, கிழக்குத் தெரு, புது ஆயக்குடி, பழனி, திண்டுக்கல்.
பாகம் – 38	: அ.பக்கீர் முகமது சேட், 18–வது வார்டு, சீனி ராவுத்தர் தெரு, புது ஆயக்குடி, பழனி, திண்டுக்கல்.
பாகம் – 39	: த.சத்தியசீலன், 10–11, வரதமாநதி டேம், ஆயக்குடி, பழனி, திண்டுக்கல்.
7
